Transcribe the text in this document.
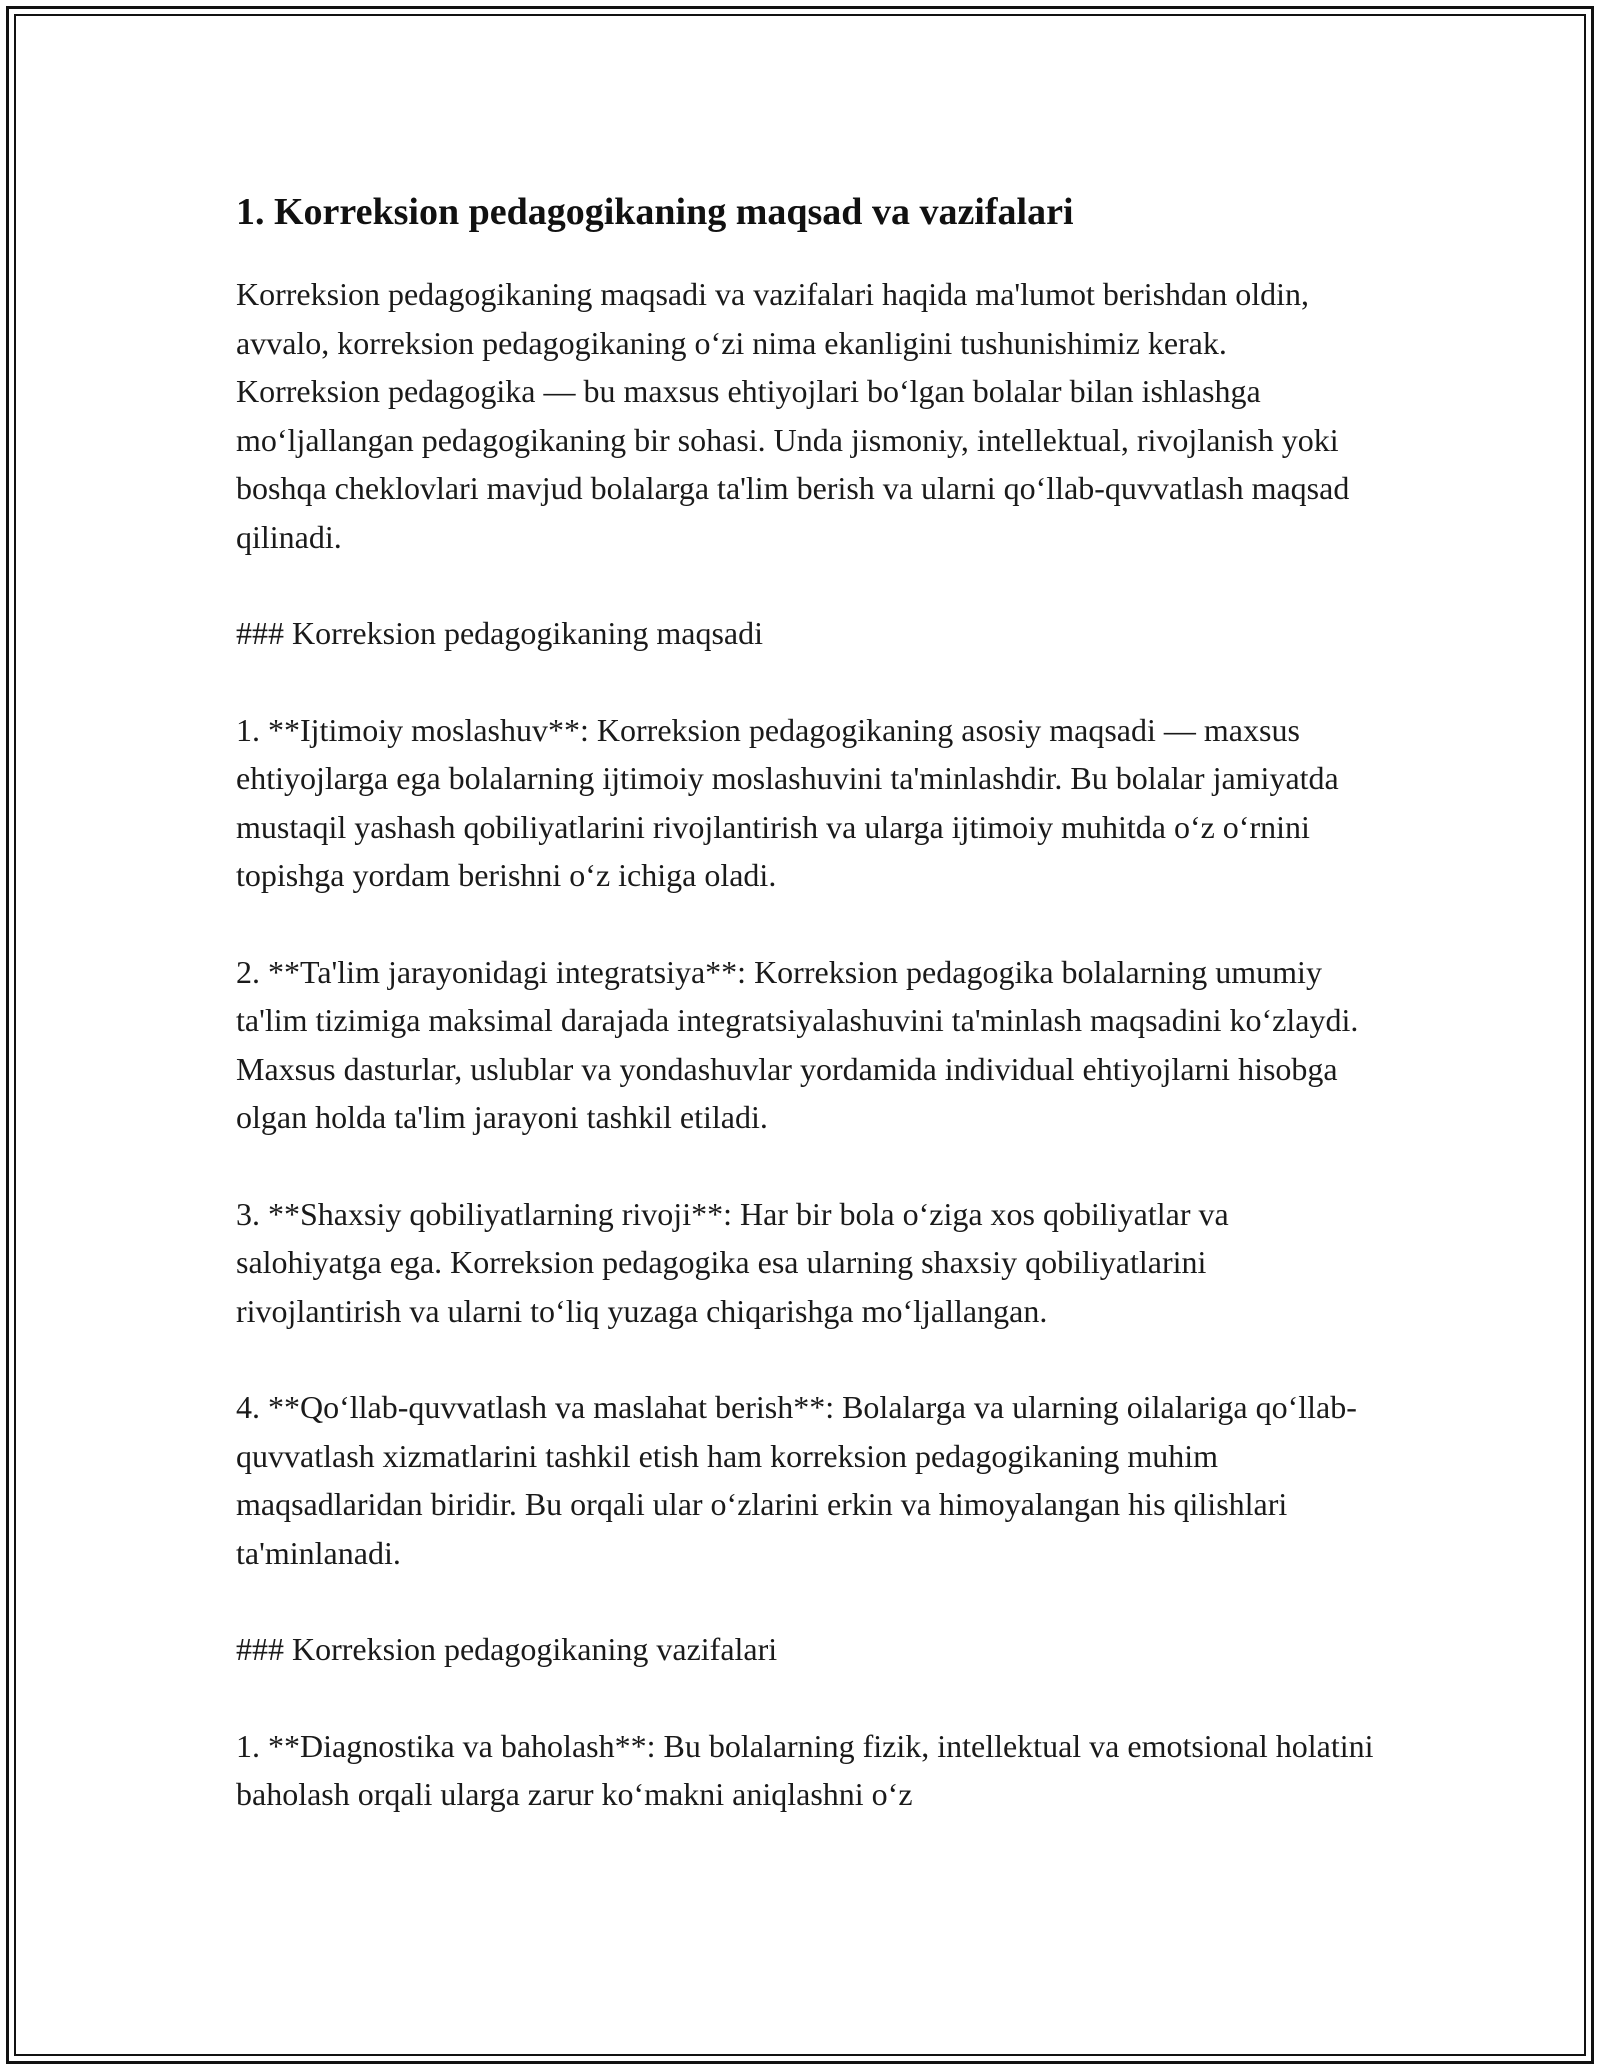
1. Korreksion pedagogikaning maqsad va vazifalari

Korreksion pedagogikaning maqsadi va vazifalari haqida ma'lumot berishdan oldin, avvalo, korreksion pedagogikaning o‘zi nima ekanligini tushunishimiz kerak. Korreksion pedagogika — bu maxsus ehtiyojlari bo‘lgan bolalar bilan ishlashga mo‘ljallangan pedagogikaning bir sohasi. Unda jismoniy, intellektual, rivojlanish yoki boshqa cheklovlari mavjud bolalarga ta'lim berish va ularni qo‘llab-quvvatlash maqsad qilinadi.

### Korreksion pedagogikaning maqsadi

1. **Ijtimoiy moslashuv**: Korreksion pedagogikaning asosiy maqsadi — maxsus ehtiyojlarga ega bolalarning ijtimoiy moslashuvini ta'minlashdir. Bu bolalar jamiyatda mustaqil yashash qobiliyatlarini rivojlantirish va ularga ijtimoiy muhitda o‘z o‘rnini topishga yordam berishni o‘z ichiga oladi.

2. **Ta'lim jarayonidagi integratsiya**: Korreksion pedagogika bolalarning umumiy ta'lim tizimiga maksimal darajada integratsiyalashuvini ta'minlash maqsadini ko‘zlaydi. Maxsus dasturlar, uslublar va yondashuvlar yordamida individual ehtiyojlarni hisobga olgan holda ta'lim jarayoni tashkil etiladi.

3. **Shaxsiy qobiliyatlarning rivoji**: Har bir bola o‘ziga xos qobiliyatlar va salohiyatga ega. Korreksion pedagogika esa ularning shaxsiy qobiliyatlarini rivojlantirish va ularni to‘liq yuzaga chiqarishga mo‘ljallangan.

4. **Qo‘llab-quvvatlash va maslahat berish**: Bolalarga va ularning oilalariga qo‘llab-quvvatlash xizmatlarini tashkil etish ham korreksion pedagogikaning muhim maqsadlaridan biridir. Bu orqali ular o‘zlarini erkin va himoyalangan his qilishlari ta'minlanadi.

### Korreksion pedagogikaning vazifalari

1. **Diagnostika va baholash**: Bu bolalarning fizik, intellektual va emotsional holatini baholash orqali ularga zarur ko‘makni aniqlashni o‘z
